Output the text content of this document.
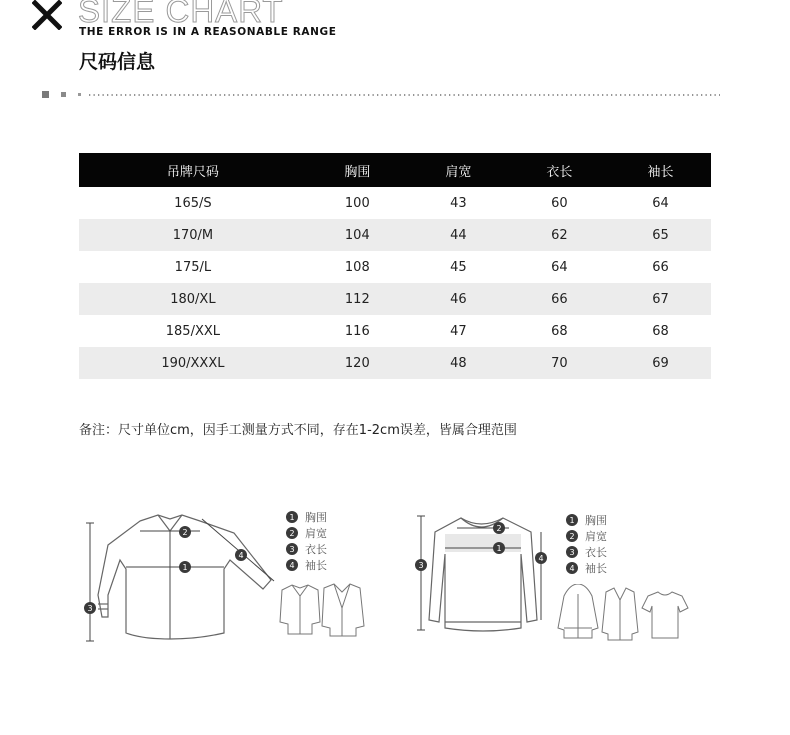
SIZE CHART
THE ERROR IS IN A REASONABLE RANGE
尺码信息
吊牌尺码	胸围	肩宽	衣长	袖长
165/S	100	43	60	64
170/M	104	44	62	65
175/L	108	45	64	66
180/XL	112	46	66	67
185/XXL	116	47	68	68
190/XXXL	120	48	70	69
备注：尺寸单位cm，因手工测量方式不同，存在1-2cm误差，皆属合理范围
1
2
4
3
1 胸围
2 肩宽
3 衣长
4 袖长
1
2
4
3
1 胸围
2 肩宽
3 衣长
4 袖长
